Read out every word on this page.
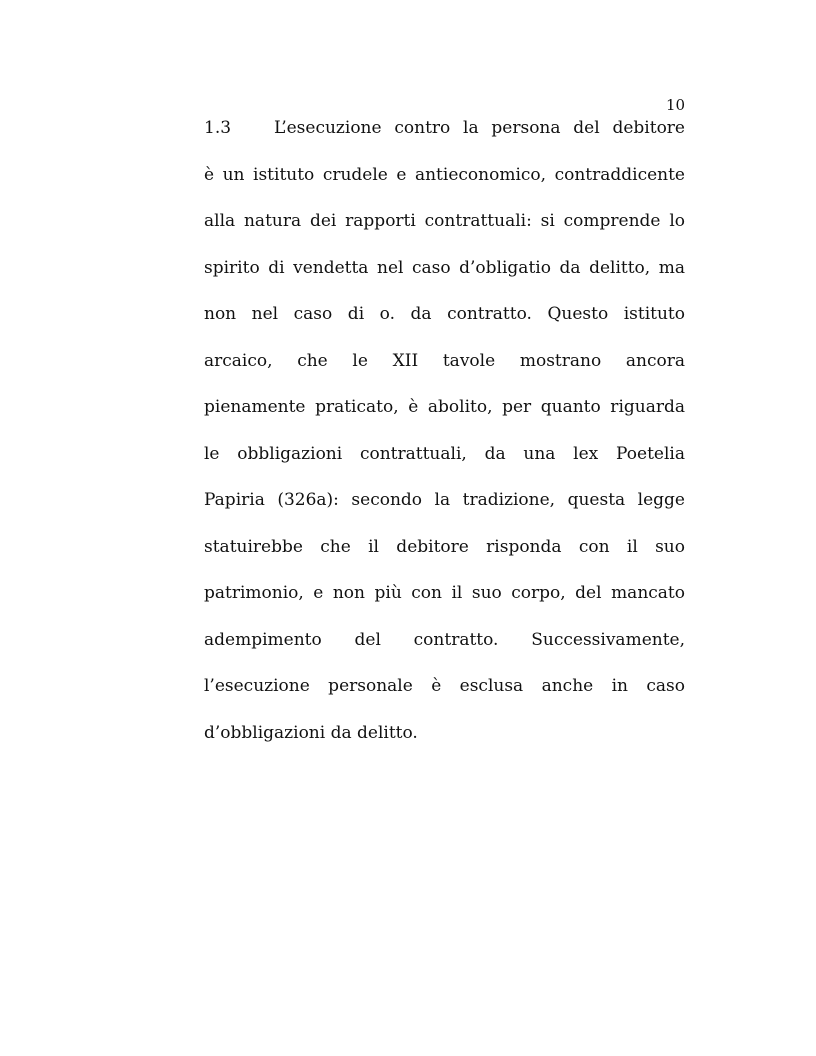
10
1.3	L’esecuzione contro la persona del debitore
è un istituto crudele e antieconomico, contraddicente
alla natura dei rapporti contrattuali: si comprende lo
spirito di vendetta nel caso d’obligatio da delitto, ma
non nel caso di o. da contratto. Questo istituto
arcaico, che le XII tavole mostrano ancora
pienamente praticato, è abolito, per quanto riguarda
le obbligazioni contrattuali, da una lex Poetelia
Papiria (326a): secondo la tradizione, questa legge
statuirebbe che il debitore risponda con il suo
patrimonio, e non più con il suo corpo, del mancato
adempimento del contratto. Successivamente,
l’esecuzione personale è esclusa anche in caso
d’obbligazioni da delitto.
